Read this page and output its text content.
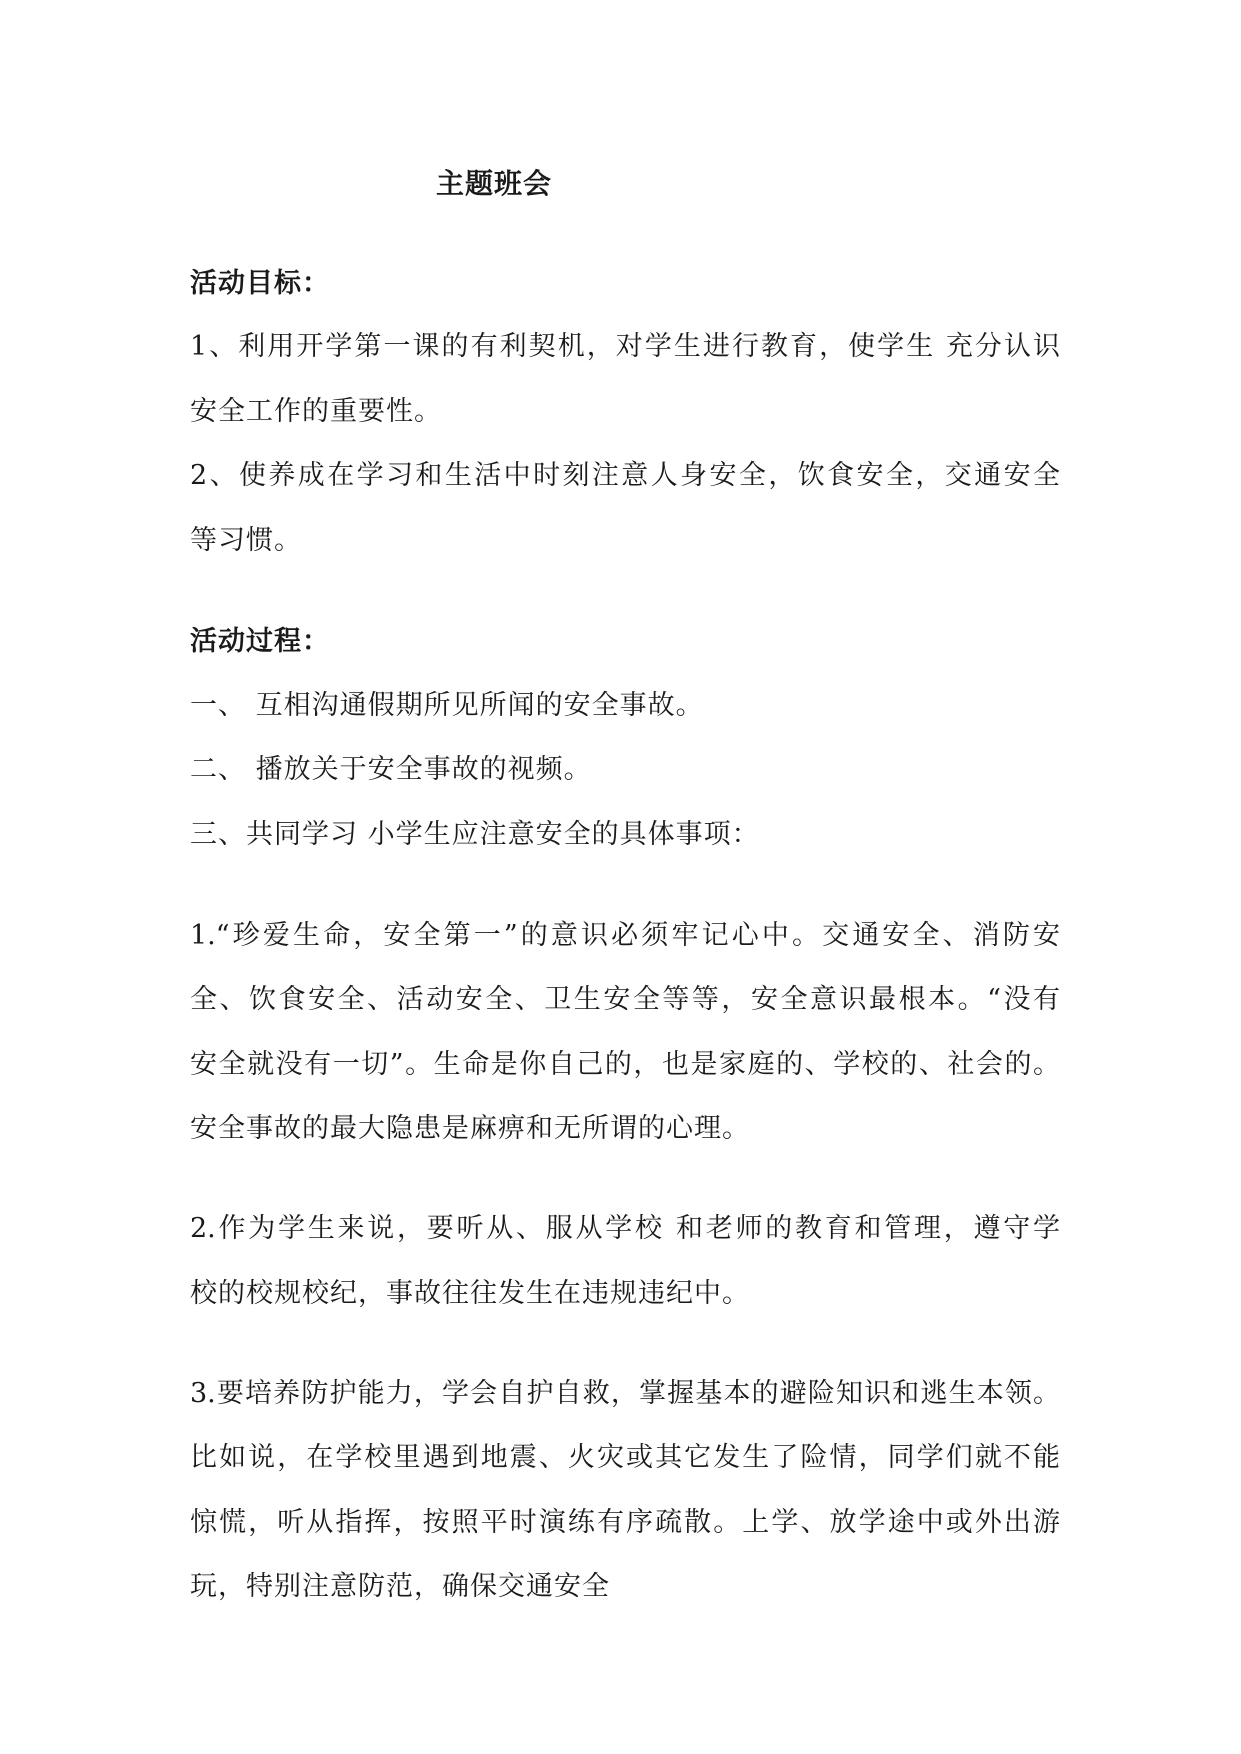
主题班会
活动目标：
1、利用开学第一课的有利契机，对学生进行教育，使学生 充分认识
安全工作的重要性。
2、使养成在学习和生活中时刻注意人身安全，饮食安全，交通安全
等习惯。
活动过程：
一、 互相沟通假期所见所闻的安全事故。
二、 播放关于安全事故的视频。
三、共同学习 小学生应注意安全的具体事项：
1.“珍爱生命，安全第一”的意识必须牢记心中。交通安全、消防安
全、饮食安全、活动安全、卫生安全等等，安全意识最根本。“没有
安全就没有一切”。生命是你自己的，也是家庭的、学校的、社会的。
安全事故的最大隐患是麻痹和无所谓的心理。
2.作为学生来说，要听从、服从学校 和老师的教育和管理，遵守学
校的校规校纪，事故往往发生在违规违纪中。
3.要培养防护能力，学会自护自救，掌握基本的避险知识和逃生本领。
比如说，在学校里遇到地震、火灾或其它发生了险情，同学们就不能
惊慌，听从指挥，按照平时演练有序疏散。上学、放学途中或外出游
玩，特别注意防范，确保交通安全
